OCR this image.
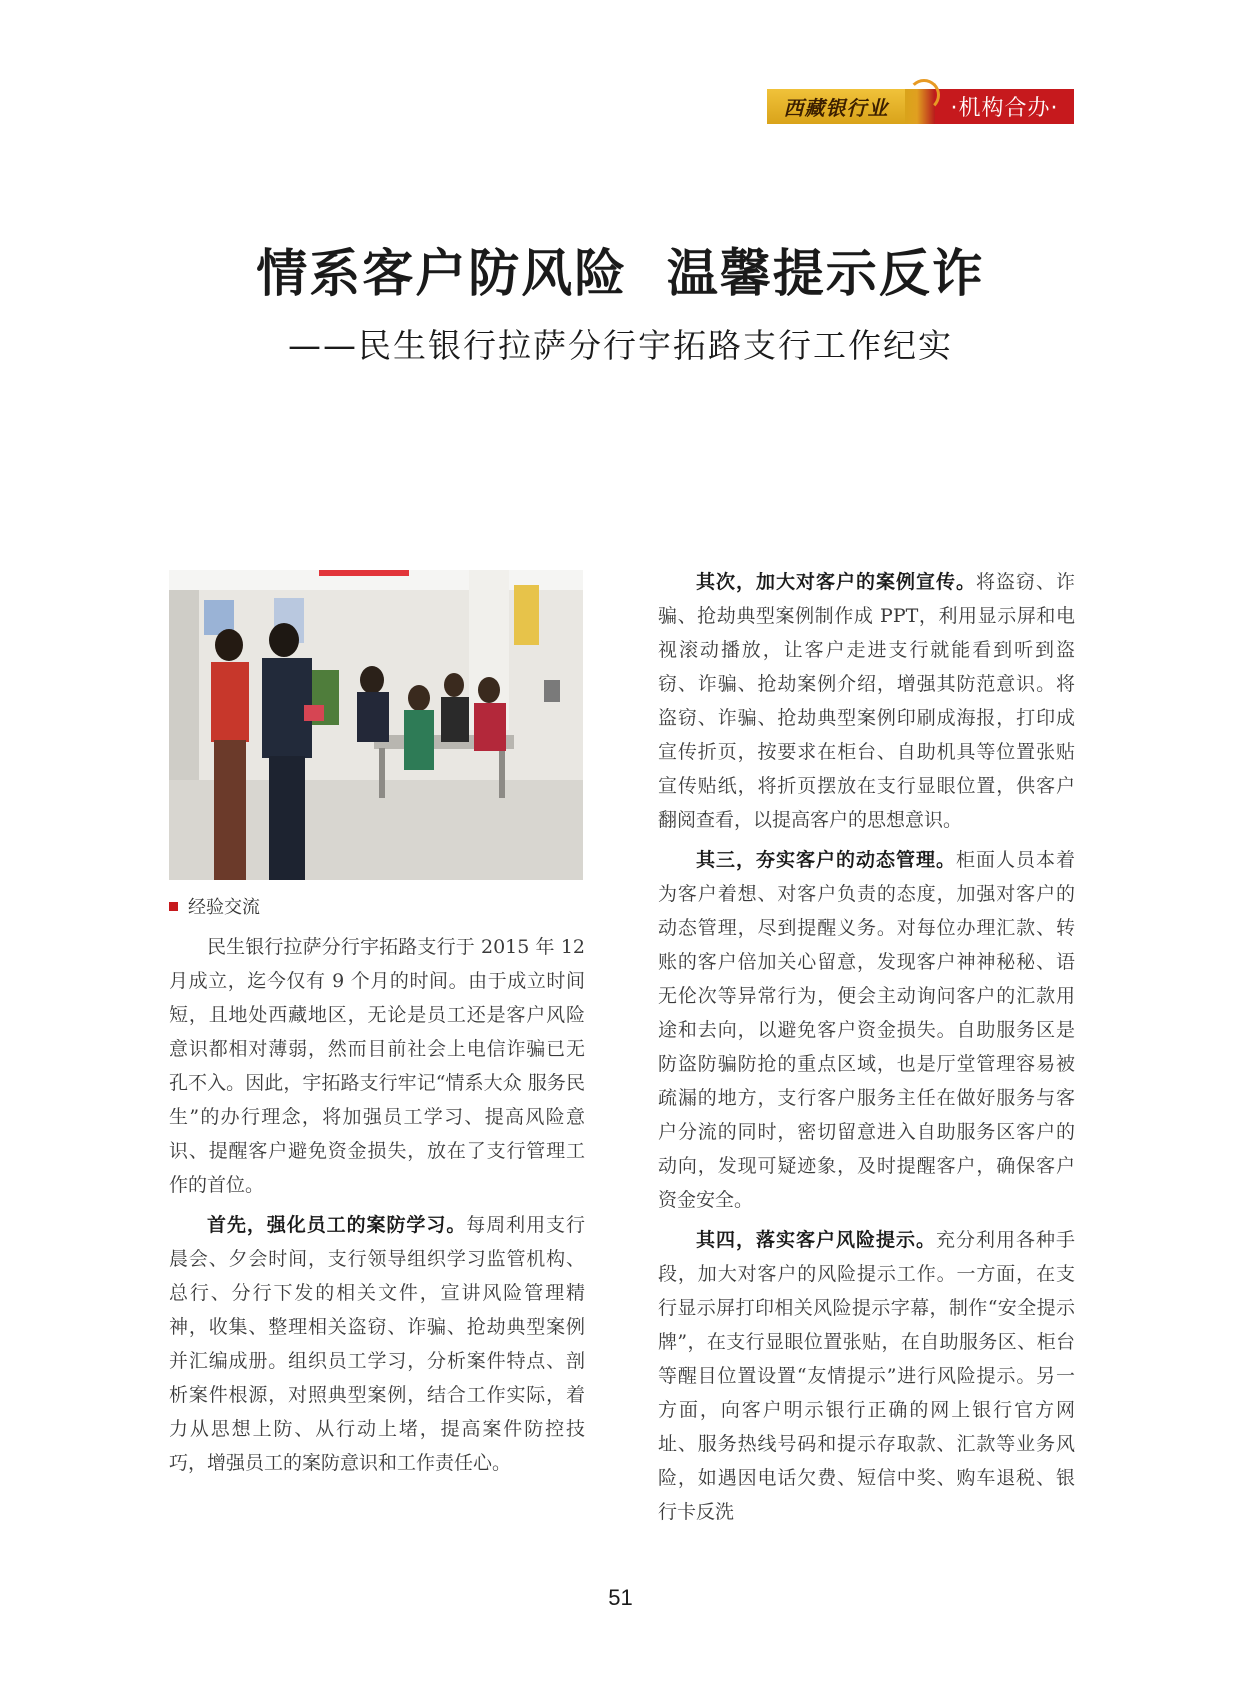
西藏银行业	·机构合办·
情系客户防风险  温馨提示反诈
——民生银行拉萨分行宇拓路支行工作纪实
经验交流

民生银行拉萨分行宇拓路支行于 2015 年 12 月成立，迄今仅有 9 个月的时间。由于成立时间短，且地处西藏地区，无论是员工还是客户风险意识都相对薄弱，然而目前社会上电信诈骗已无孔不入。因此，宇拓路支行牢记“情系大众 服务民生”的办行理念，将加强员工学习、提高风险意识、提醒客户避免资金损失，放在了支行管理工作的首位。

首先，强化员工的案防学习。每周利用支行晨会、夕会时间，支行领导组织学习监管机构、总行、分行下发的相关文件，宣讲风险管理精神，收集、整理相关盗窃、诈骗、抢劫典型案例并汇编成册。组织员工学习，分析案件特点、剖析案件根源，对照典型案例，结合工作实际，着力从思想上防、从行动上堵，提高案件防控技巧，增强员工的案防意识和工作责任心。

其次，加大对客户的案例宣传。将盗窃、诈骗、抢劫典型案例制作成 PPT，利用显示屏和电视滚动播放，让客户走进支行就能看到听到盗窃、诈骗、抢劫案例介绍，增强其防范意识。将盗窃、诈骗、抢劫典型案例印刷成海报，打印成宣传折页，按要求在柜台、自助机具等位置张贴宣传贴纸，将折页摆放在支行显眼位置，供客户翻阅查看，以提高客户的思想意识。

其三，夯实客户的动态管理。柜面人员本着为客户着想、对客户负责的态度，加强对客户的动态管理，尽到提醒义务。对每位办理汇款、转账的客户倍加关心留意，发现客户神神秘秘、语无伦次等异常行为，便会主动询问客户的汇款用途和去向，以避免客户资金损失。自助服务区是防盗防骗防抢的重点区域，也是厅堂管理容易被疏漏的地方，支行客户服务主任在做好服务与客户分流的同时，密切留意进入自助服务区客户的动向，发现可疑迹象，及时提醒客户，确保客户资金安全。

其四，落实客户风险提示。充分利用各种手段，加大对客户的风险提示工作。一方面，在支行显示屏打印相关风险提示字幕，制作“安全提示牌”，在支行显眼位置张贴，在自助服务区、柜台等醒目位置设置“友情提示”进行风险提示。另一方面，向客户明示银行正确的网上银行官方网址、服务热线号码和提示存取款、汇款等业务风险，如遇因电话欠费、短信中奖、购车退税、银行卡反洗

51
